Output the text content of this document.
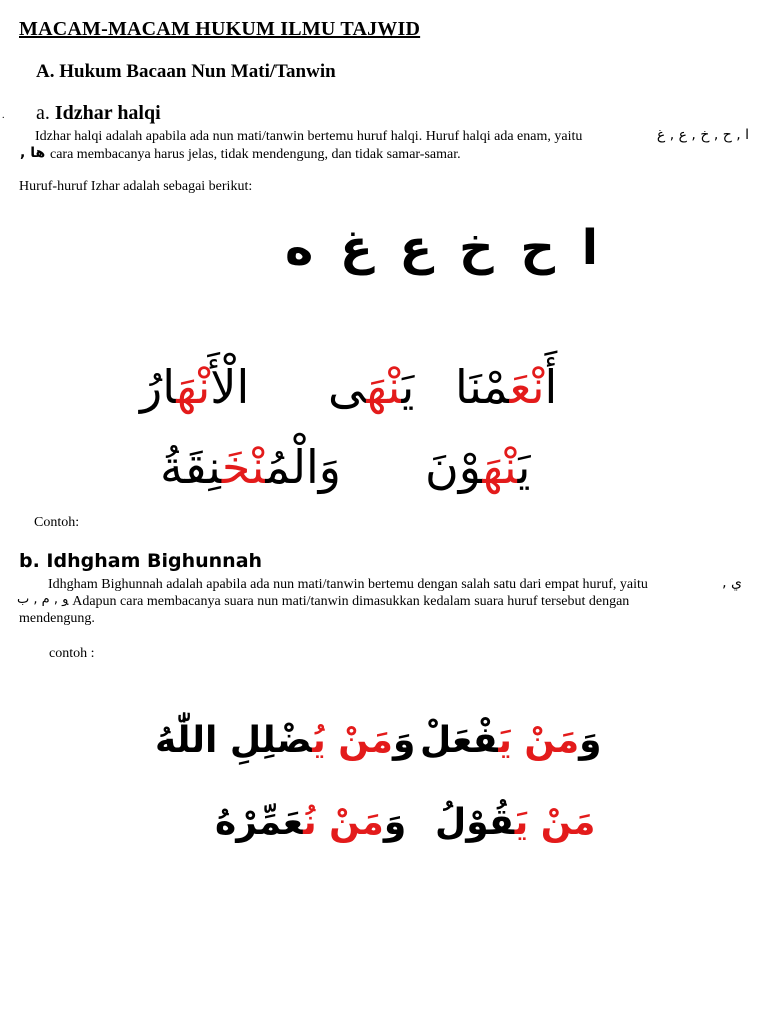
MACAM-MACAM HUKUM ILMU TAJWID
A. Hukum Bacaan Nun Mati/Tanwin
. a. Idzhar halqi
Idzhar halqi adalah apabila ada nun mati/tanwin bertemu huruf halqi. Huruf halqi ada enam, yaitu	ا , ح , خ , ع , غ
ها , cara membacanya harus jelas, tidak mendengung, dan tidak samar-samar.
Huruf-huruf Izhar adalah sebagai berikut:
ا ح خ ع غ ه
أَنْعَمْنَا
يَنْهَى
الْأَنْهَارُ
يَنْهَوْنَ
وَالْمُنْخَنِقَةُ
Contoh:
b. Idhgham Bighunnah
Idhgham Bighunnah adalah apabila ada nun mati/tanwin bertemu dengan salah satu dari empat huruf, yaitu	ي ,
و , م , ب
. Adapun cara membacanya suara nun mati/tanwin dimasukkan kedalam suara huruf tersebut dengan
mendengung.
contoh :
وَمَنْ يَفْعَلْ
وَمَنْ يُضْلِلِ اللّٰهُ
مَنْ يَقُوْلُ
وَمَنْ نُعَمِّرْهُ
